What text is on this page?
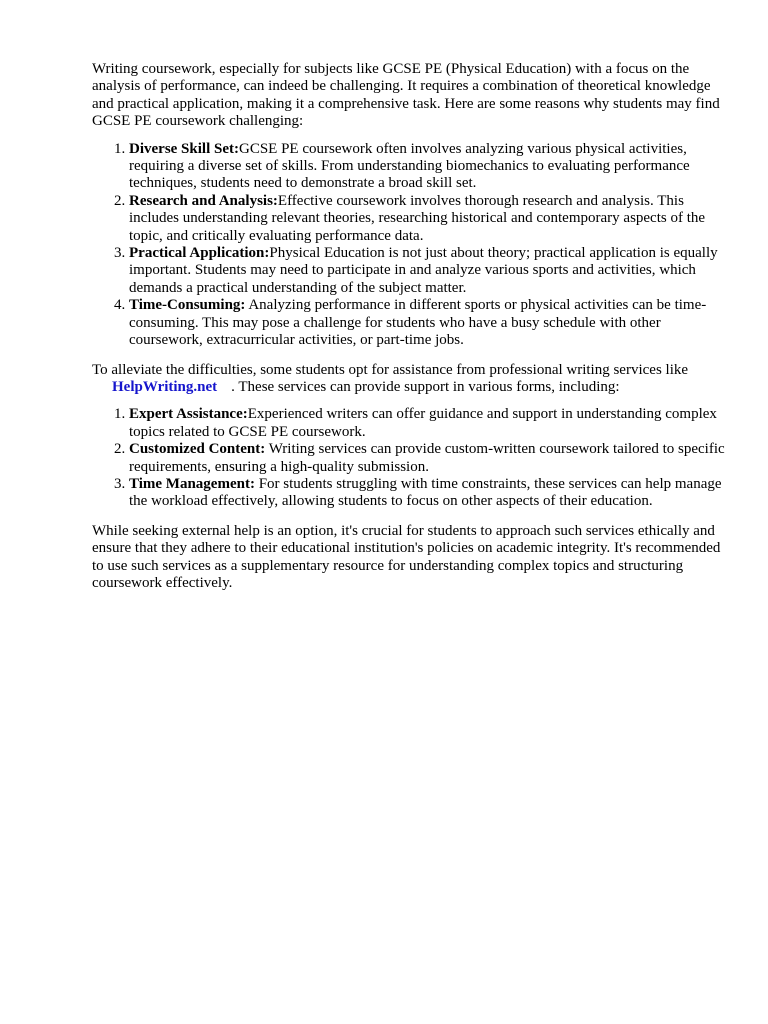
Writing coursework, especially for subjects like GCSE PE (Physical Education) with a focus on the analysis of performance, can indeed be challenging. It requires a combination of theoretical knowledge and practical application, making it a comprehensive task. Here are some reasons why students may find GCSE PE coursework challenging:

1. Diverse Skill Set:GCSE PE coursework often involves analyzing various physical activities, requiring a diverse set of skills. From understanding biomechanics to evaluating performance techniques, students need to demonstrate a broad skill set.
2. Research and Analysis:Effective coursework involves thorough research and analysis. This includes understanding relevant theories, researching historical and contemporary aspects of the topic, and critically evaluating performance data.
3. Practical Application:Physical Education is not just about theory; practical application is equally important. Students may need to participate in and analyze various sports and activities, which demands a practical understanding of the subject matter.
4. Time-Consuming: Analyzing performance in different sports or physical activities can be time-consuming. This may pose a challenge for students who have a busy schedule with other coursework, extracurricular activities, or part-time jobs.

To alleviate the difficulties, some students opt for assistance from professional writing services like
HelpWriting.net . These services can provide support in various forms, including:

1. Expert Assistance:Experienced writers can offer guidance and support in understanding complex topics related to GCSE PE coursework.
2. Customized Content: Writing services can provide custom-written coursework tailored to specific requirements, ensuring a high-quality submission.
3. Time Management: For students struggling with time constraints, these services can help manage the workload effectively, allowing students to focus on other aspects of their education.

While seeking external help is an option, it's crucial for students to approach such services ethically and ensure that they adhere to their educational institution's policies on academic integrity. It's recommended to use such services as a supplementary resource for understanding complex topics and structuring coursework effectively.
